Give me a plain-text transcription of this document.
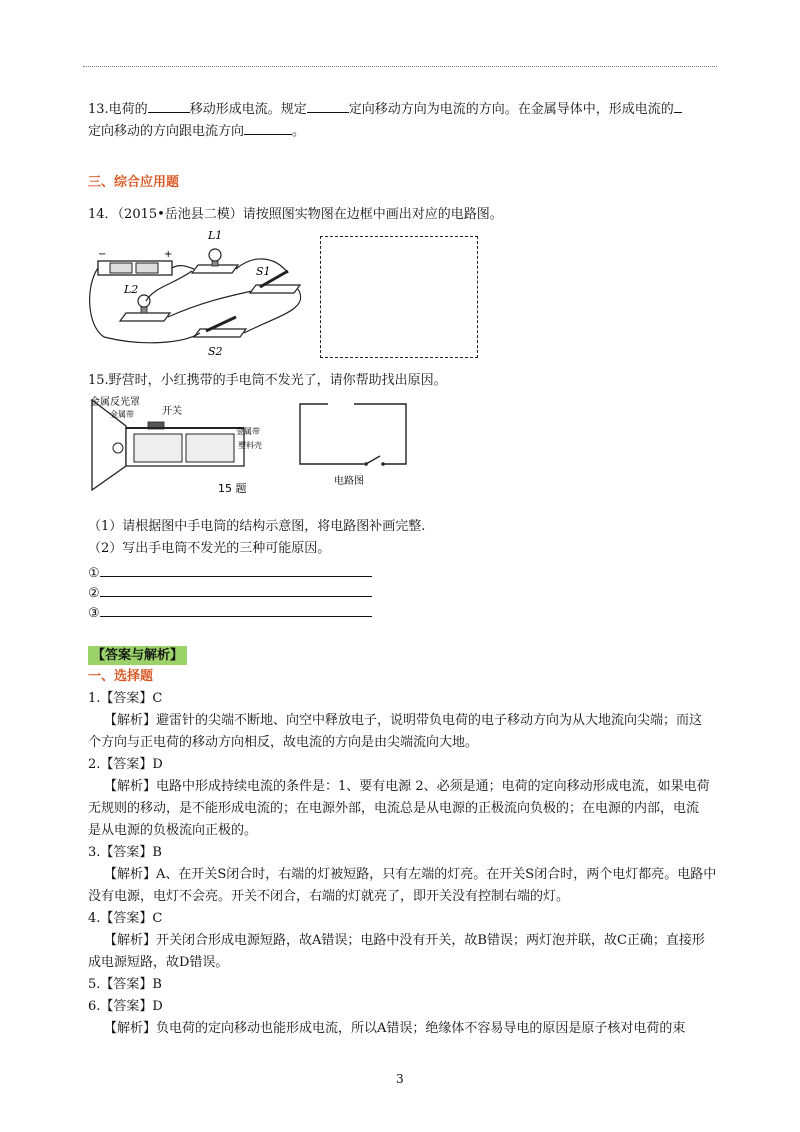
13.电荷的	移动形成电流。规定	定向移动方向为电流的方向。在金属导体中，形成电流的
定向移动的方向跟电流方向	。
三、综合应用题
14．（2015•岳池县二模）请按照图实物图在边框中画出对应的电路图。
−	+
L1
S1
L2
S2
15.野营时，小红携带的手电筒不发光了，请你帮助找出原因。
金属反光罩
金属带	开关
金属带
塑料壳
15 题
电路图
（1）请根据图中手电筒的结构示意图，将电路图补画完整.
（2）写出手电筒不发光的三种可能原因。
①
②
③
【答案与解析】
一、选择题
1.【答案】C
【解析】避雷针的尖端不断地、向空中释放电子，说明带负电荷的电子移动方向为从大地流向尖端；而这
个方向与正电荷的移动方向相反，故电流的方向是由尖端流向大地。
2.【答案】D
【解析】电路中形成持续电流的条件是：1、要有电源 2、必须是通；电荷的定向移动形成电流，如果电荷
无规则的移动，是不能形成电流的；在电源外部，电流总是从电源的正极流向负极的；在电源的内部，电流
是从电源的负极流向正极的。
3.【答案】B
【解析】A、在开关S闭合时，右端的灯被短路，只有左端的灯亮。在开关S闭合时，两个电灯都亮。电路中
没有电源，电灯不会亮。开关不闭合，右端的灯就亮了，即开关没有控制右端的灯。
4.【答案】C
【解析】开关闭合形成电源短路，故A错误；电路中没有开关，故B错误；两灯泡并联，故C正确；直接形
成电源短路，故D错误。
5.【答案】B
6.【答案】D
【解析】负电荷的定向移动也能形成电流，所以A错误；绝缘体不容易导电的原因是原子核对电荷的束
3
